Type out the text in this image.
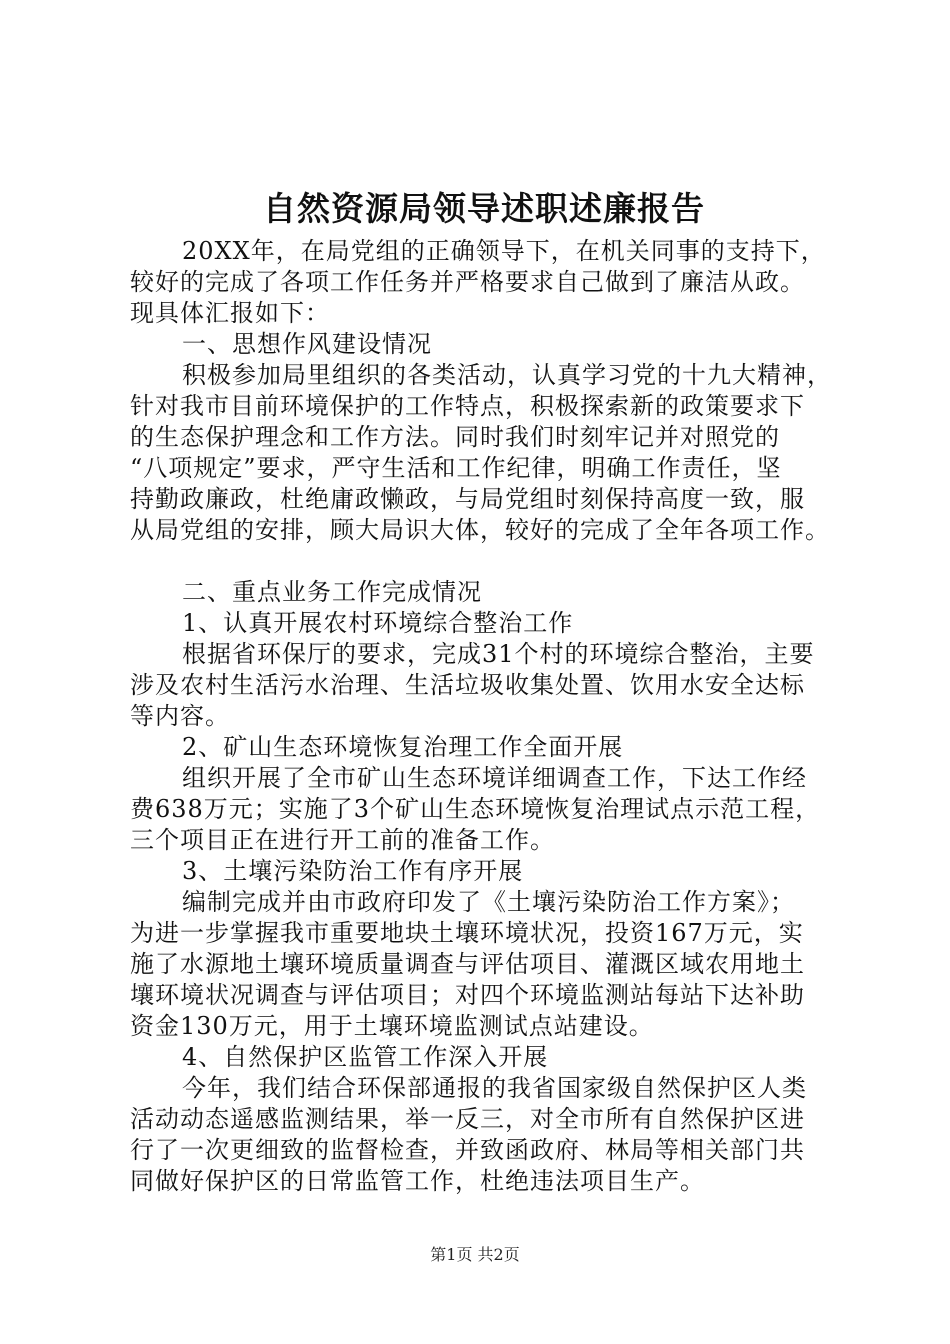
自然资源局领导述职述廉报告
20XX年，在局党组的正确领导下，在机关同事的支持下，
较好的完成了各项工作任务并严格要求自己做到了廉洁从政。
现具体汇报如下：
一、思想作风建设情况
积极参加局里组织的各类活动，认真学习党的十九大精神，
针对我市目前环境保护的工作特点，积极探索新的政策要求下
的生态保护理念和工作方法。同时我们时刻牢记并对照党的
“八项规定”要求，严守生活和工作纪律，明确工作责任，坚
持勤政廉政，杜绝庸政懒政，与局党组时刻保持高度一致，服
从局党组的安排，顾大局识大体，较好的完成了全年各项工作。
二、重点业务工作完成情况
1、认真开展农村环境综合整治工作
根据省环保厅的要求，完成31个村的环境综合整治，主要
涉及农村生活污水治理、生活垃圾收集处置、饮用水安全达标
等内容。
2、矿山生态环境恢复治理工作全面开展
组织开展了全市矿山生态环境详细调查工作，下达工作经
费638万元；实施了3个矿山生态环境恢复治理试点示范工程，
三个项目正在进行开工前的准备工作。
3、土壤污染防治工作有序开展
编制完成并由市政府印发了《土壤污染防治工作方案》；
为进一步掌握我市重要地块土壤环境状况，投资167万元，实
施了水源地土壤环境质量调查与评估项目、灌溉区域农用地土
壤环境状况调查与评估项目；对四个环境监测站每站下达补助
资金130万元，用于土壤环境监测试点站建设。
4、自然保护区监管工作深入开展
今年，我们结合环保部通报的我省国家级自然保护区人类
活动动态遥感监测结果，举一反三，对全市所有自然保护区进
行了一次更细致的监督检查，并致函政府、林局等相关部门共
同做好保护区的日常监管工作，杜绝违法项目生产。
第1页 共2页
